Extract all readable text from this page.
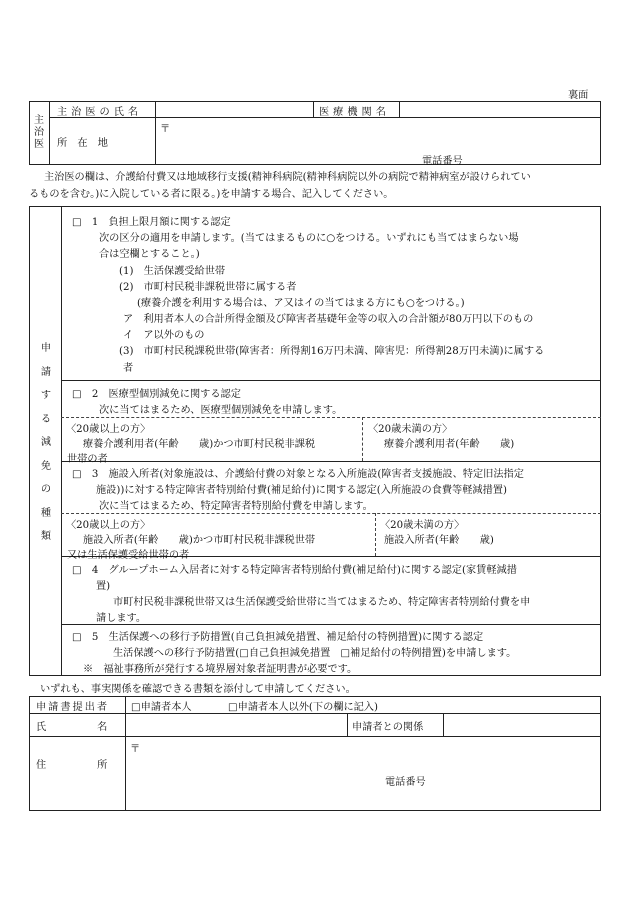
裏面
主治医
主治医の氏名	医療機関名
所　在　地
〒
電話番号
主治医の欄は、介護給付費又は地域移行支援(精神科病院(精神科病院以外の病院で精神病室が設けられてい
るものを含む。)に入院している者に限る。)を申請する場合、記入してください。
申請する減免の種類
□　1　負担上限月額に関する認定
次の区分の適用を申請します。(当てはまるものに○をつける。いずれにも当てはまらない場
合は空欄とすること。)
(1)　生活保護受給世帯
(2)　市町村民税非課税世帯に属する者
(療養介護を利用する場合は、ア又はイの当てはまる方にも○をつける。)
ア　利用者本人の合計所得金額及び障害者基礎年金等の収入の合計額が80万円以下のもの
イ　ア以外のもの
(3)　市町村民税課税世帯(障害者：所得割16万円未満、障害児：所得割28万円未満)に属する
者
□　2　医療型個別減免に関する認定
次に当てはまるため、医療型個別減免を申請します。
〈20歳以上の方〉
療養介護利用者(年齢　　歳)かつ市町村民税非課税
世帯の者
〈20歳未満の方〉
療養介護利用者(年齢　　歳)
□　3　施設入所者(対象施設は、介護給付費の対象となる入所施設(障害者支援施設、特定旧法指定
施設))に対する特定障害者特別給付費(補足給付)に関する認定(入所施設の食費等軽減措置)
次に当てはまるため、特定障害者特別給付費を申請します。
〈20歳以上の方〉
施設入所者(年齢　　歳)かつ市町村民税非課税世帯
又は生活保護受給世帯の者
〈20歳未満の方〉
施設入所者(年齢　　歳)
□　4　グループホーム入居者に対する特定障害者特別給付費(補足給付)に関する認定(家賃軽減措
置)
市町村民税非課税世帯又は生活保護受給世帯に当てはまるため、特定障害者特別給付費を申
請します。
□　5　生活保護への移行予防措置(自己負担減免措置、補足給付の特例措置)に関する認定
生活保護への移行予防措置(□自己負担減免措置　□補足給付の特例措置)を申請します。
※　福祉事務所が発行する境界層対象者証明書が必要です。
いずれも、事実関係を確認できる書類を添付して申請してください。
申請書提出者 □申請者本人	□申請者本人以外(下の欄に記入)
氏　　　　　名	申請者との関係
住　　　　　所
〒
電話番号
